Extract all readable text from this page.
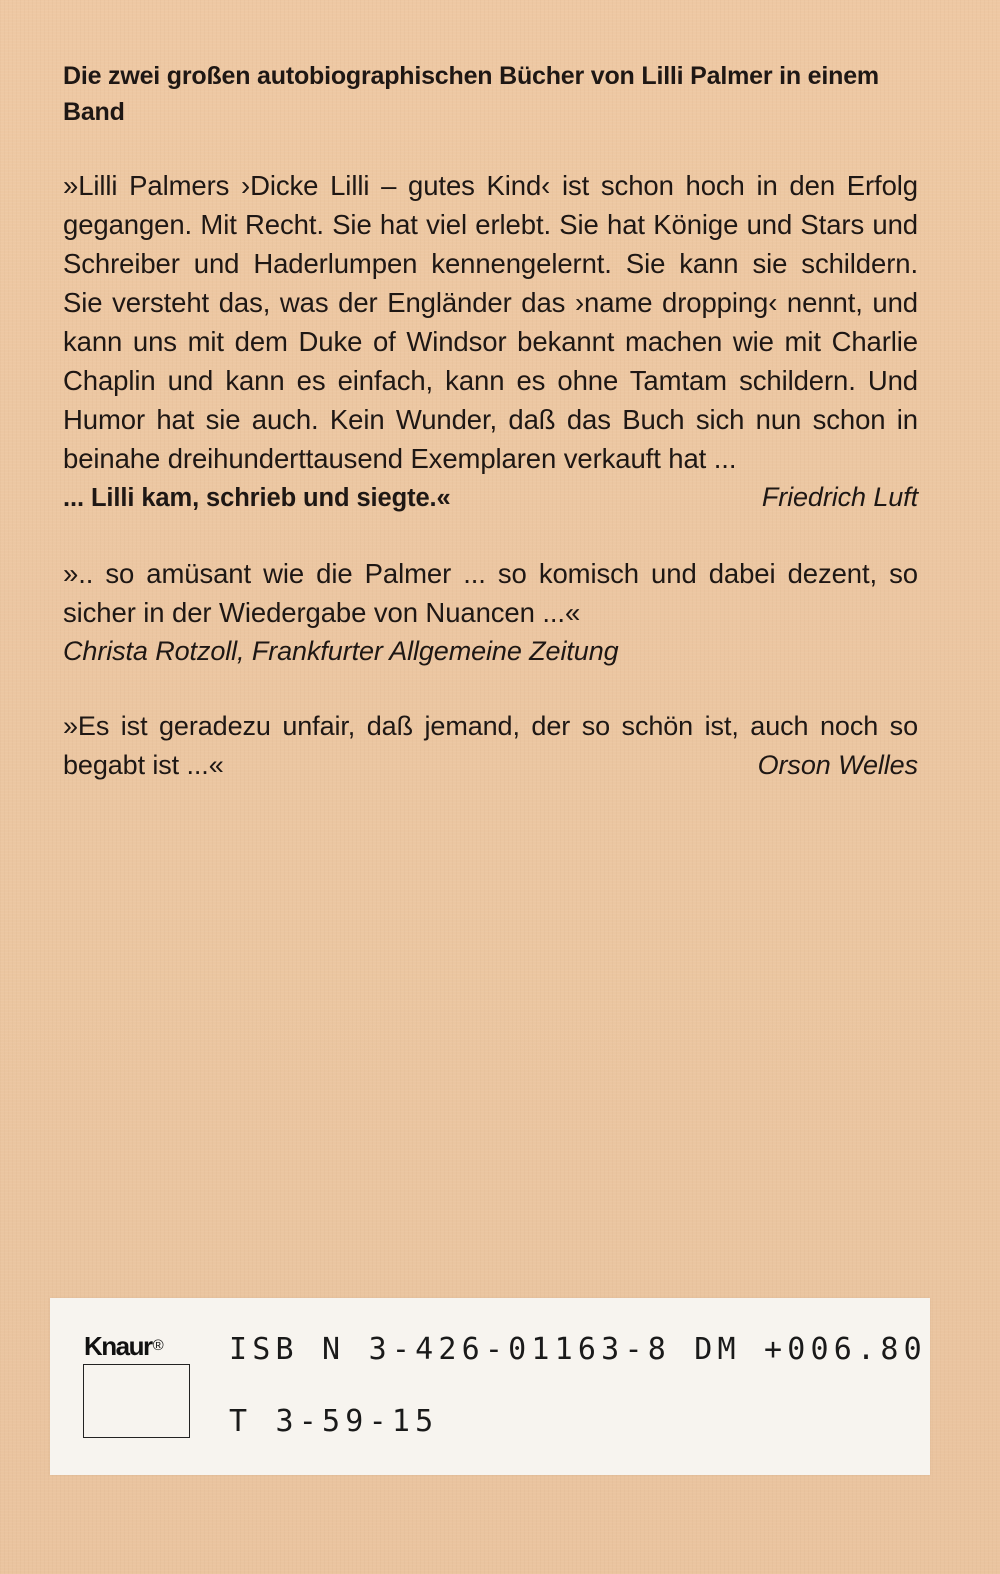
Die zwei großen autobiographischen Bücher von Lilli Palmer in einem Band

»Lilli Palmers ›Dicke Lilli – gutes Kind‹ ist schon hoch in den Erfolg gegangen. Mit Recht. Sie hat viel erlebt. Sie hat Könige und Stars und Schreiber und Haderlumpen kennengelernt. Sie kann sie schildern. Sie versteht das, was der Engländer das ›name dropping‹ nennt, und kann uns mit dem Duke of Windsor bekannt machen wie mit Charlie Chaplin und kann es einfach, kann es ohne Tamtam schildern. Und Humor hat sie auch. Kein Wunder, daß das Buch sich nun schon in beinahe dreihunderttausend Exemplaren verkauft hat ...

... Lilli kam, schrieb und siegte.«	Friedrich Luft

».. so amüsant wie die Palmer ... so komisch und dabei dezent, so sicher in der Wiedergabe von Nuancen ...«

Christa Rotzoll, Frankfurter Allgemeine Zeitung

»Es ist geradezu unfair, daß jemand, der so schön ist, auch noch so begabt ist ...«	Orson Welles
Knaur® ISB N 3-426-01163-8 DM +006.80
T 3-59-15
